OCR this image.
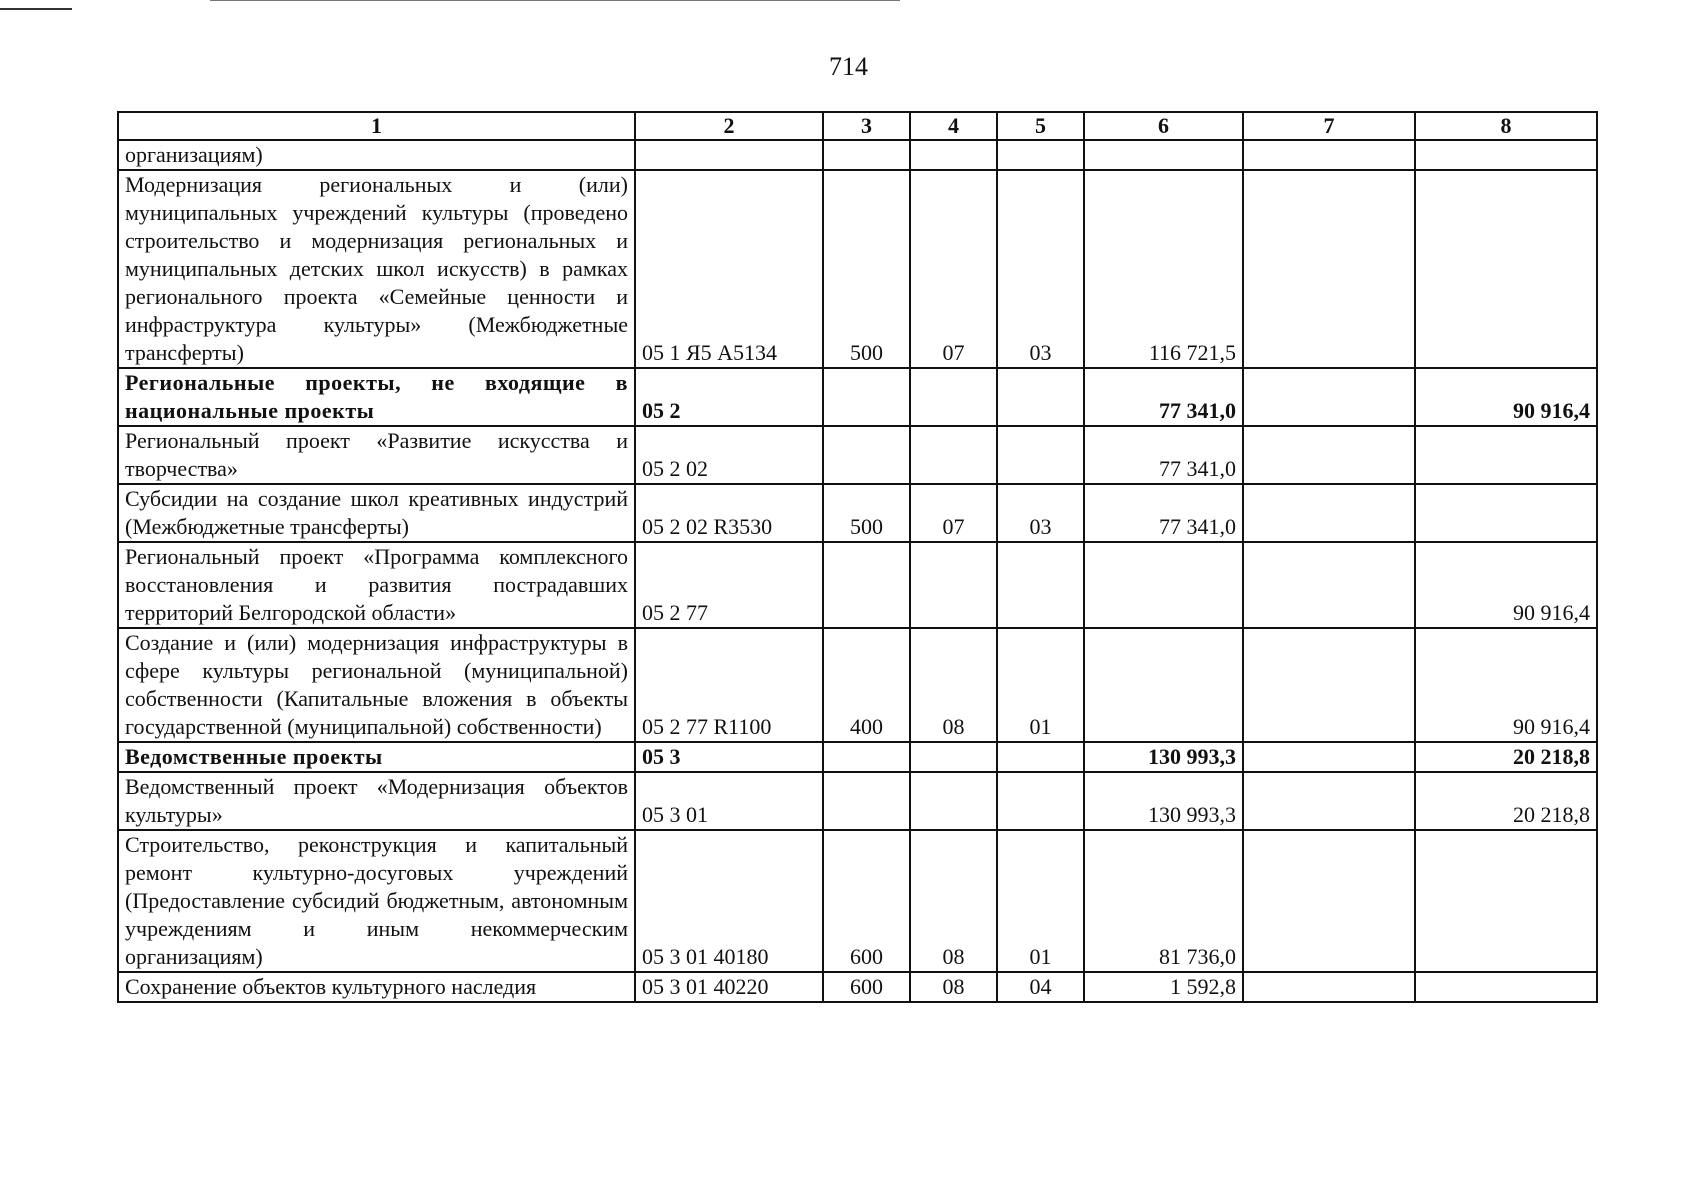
714
1	2	3	4	5	6	7	8
организациям)							
Модернизация региональных и (или) муниципальных учреждений культуры (проведено строительство и модернизация региональных и муниципальных детских школ искусств) в рамках регионального проекта «Семейные ценности и инфраструктура культуры» (Межбюджетные трансферты)	05 1 Я5 А5134	500	07	03	116 721,5		
Региональные проекты, не входящие в национальные проекты	05 2				77 341,0		90 916,4
Региональный проект «Развитие искусства и творчества»	05 2 02				77 341,0		
Субсидии на создание школ креативных индустрий (Межбюджетные трансферты)	05 2 02 R3530	500	07	03	77 341,0		
Региональный проект «Программа комплексного восстановления и развития пострадавших территорий Белгородской области»	05 2 77						90 916,4
Создание и (или) модернизация инфраструктуры в сфере культуры региональной (муниципальной) собственности (Капитальные вложения в объекты государственной (муниципальной) собственности)	05 2 77 R1100	400	08	01			90 916,4
Ведомственные проекты	05 3				130 993,3		20 218,8
Ведомственный проект «Модернизация объектов культуры»	05 3 01				130 993,3		20 218,8
Строительство, реконструкция и капитальный ремонт культурно-досуговых учреждений (Предоставление субсидий бюджетным, автономным учреждениям и иным некоммерческим организациям)	05 3 01 40180	600	08	01	81 736,0		
Сохранение объектов культурного наследия	05 3 01 40220	600	08	04	1 592,8		
